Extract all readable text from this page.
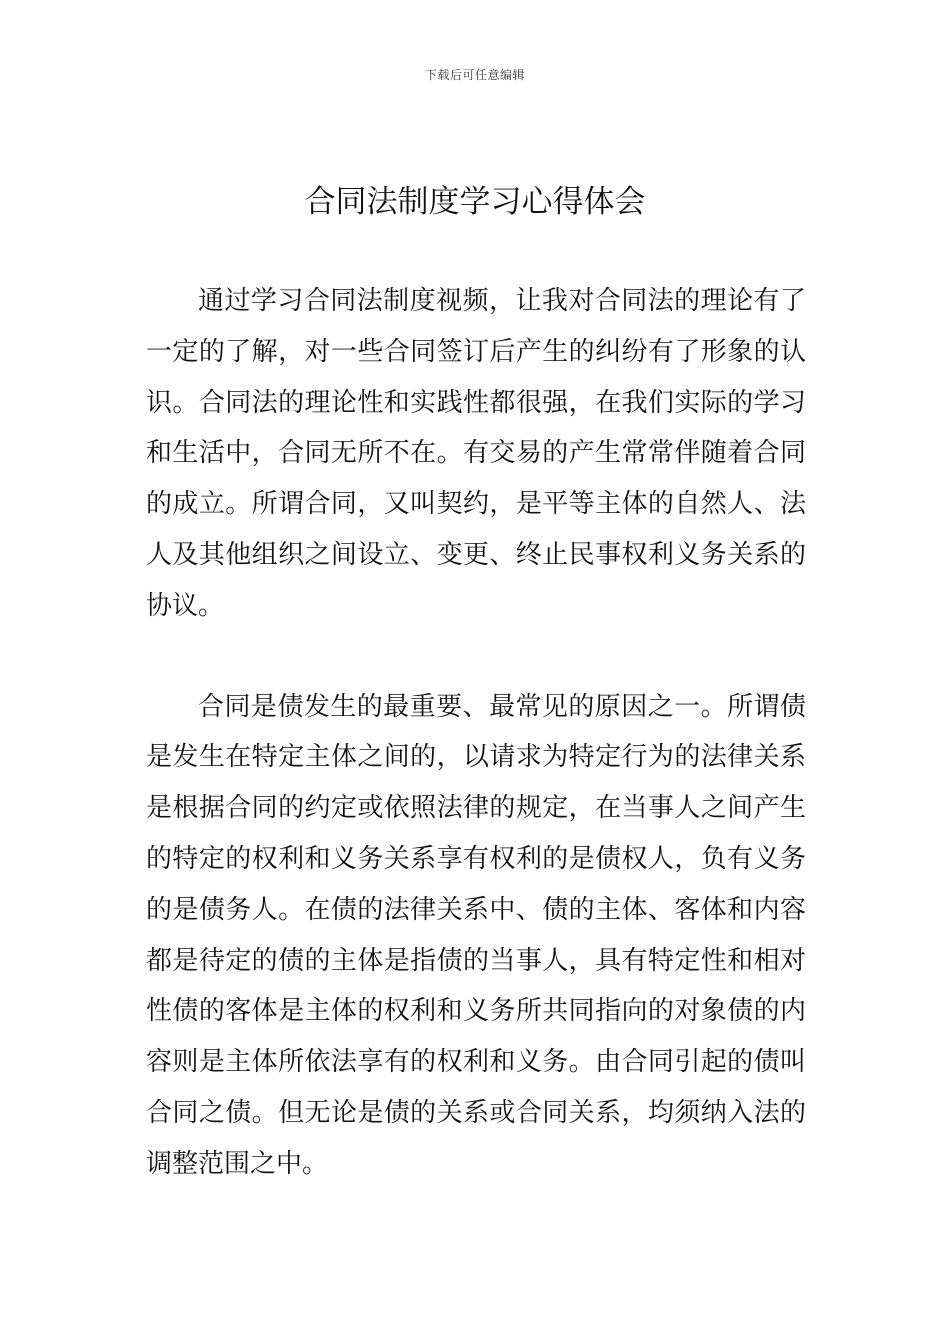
下载后可任意编辑
合同法制度学习心得体会

通过学习合同法制度视频，让我对合同法的理论有了一定的了解，对一些合同签订后产生的纠纷有了形象的认识。合同法的理论性和实践性都很强，在我们实际的学习和生活中，合同无所不在。有交易的产生常常伴随着合同的成立。所谓合同，又叫契约，是平等主体的自然人、法人及其他组织之间设立、变更、终止民事权利义务关系的协议。

合同是债发生的最重要、最常见的原因之一。所谓债是发生在特定主体之间的，以请求为特定行为的法律关系是根据合同的约定或依照法律的规定，在当事人之间产生的特定的权利和义务关系享有权利的是债权人，负有义务的是债务人。在债的法律关系中、债的主体、客体和内容都是待定的债的主体是指债的当事人，具有特定性和相对性债的客体是主体的权利和义务所共同指向的对象债的内容则是主体所依法享有的权利和义务。由合同引起的债叫合同之债。但无论是债的关系或合同关系，均须纳入法的调整范围之中。
